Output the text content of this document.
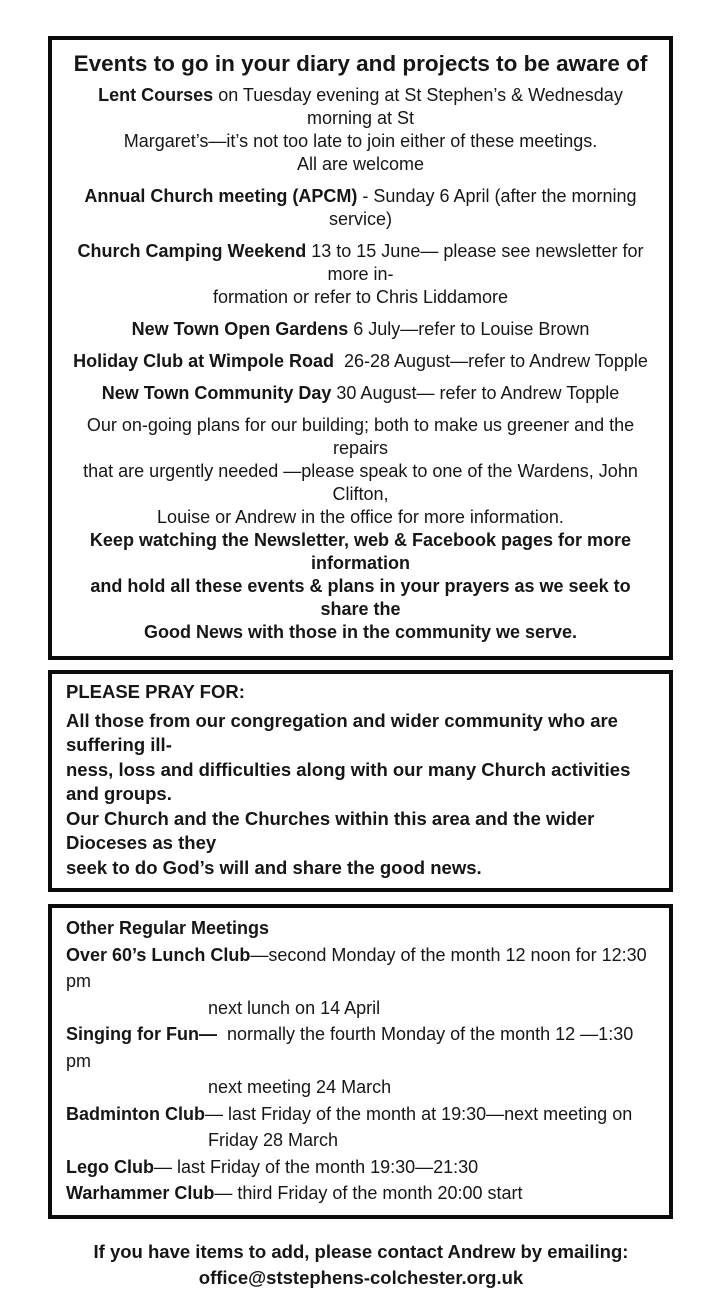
Events to go in your diary and projects to be aware of
Lent Courses on Tuesday evening at St Stephen’s & Wednesday morning at St
Margaret’s—it’s not too late to join either of these meetings.
All are welcome
Annual Church meeting (APCM) - Sunday 6 April (after the morning service)
Church Camping Weekend 13 to 15 June— please see newsletter for more in-
formation or refer to Chris Liddamore
New Town Open Gardens 6 July—refer to Louise Brown
Holiday Club at Wimpole Road  26-28 August—refer to Andrew Topple
New Town Community Day 30 August— refer to Andrew Topple
Our on-going plans for our building; both to make us greener and the repairs
that are urgently needed —please speak to one of the Wardens, John Clifton,
Louise or Andrew in the office for more information.
Keep watching the Newsletter, web & Facebook pages for more information
and hold all these events & plans in your prayers as we seek to share the
Good News with those in the community we serve.
PLEASE PRAY FOR:
All those from our congregation and wider community who are suffering ill-
ness, loss and difficulties along with our many Church activities and groups.
Our Church and the Churches within this area and the wider Dioceses as they
seek to do God’s will and share the good news.
Other Regular Meetings
Over 60’s Lunch Club—second Monday of the month 12 noon for 12:30 pm
next lunch on 14 April
Singing for Fun—  normally the fourth Monday of the month 12 —1:30 pm
next meeting 24 March
Badminton Club— last Friday of the month at 19:30—next meeting on
Friday 28 March
Lego Club— last Friday of the month 19:30—21:30
Warhammer Club— third Friday of the month 20:00 start
If you have items to add, please contact Andrew by emailing:
office@ststephens-colchester.org.uk
